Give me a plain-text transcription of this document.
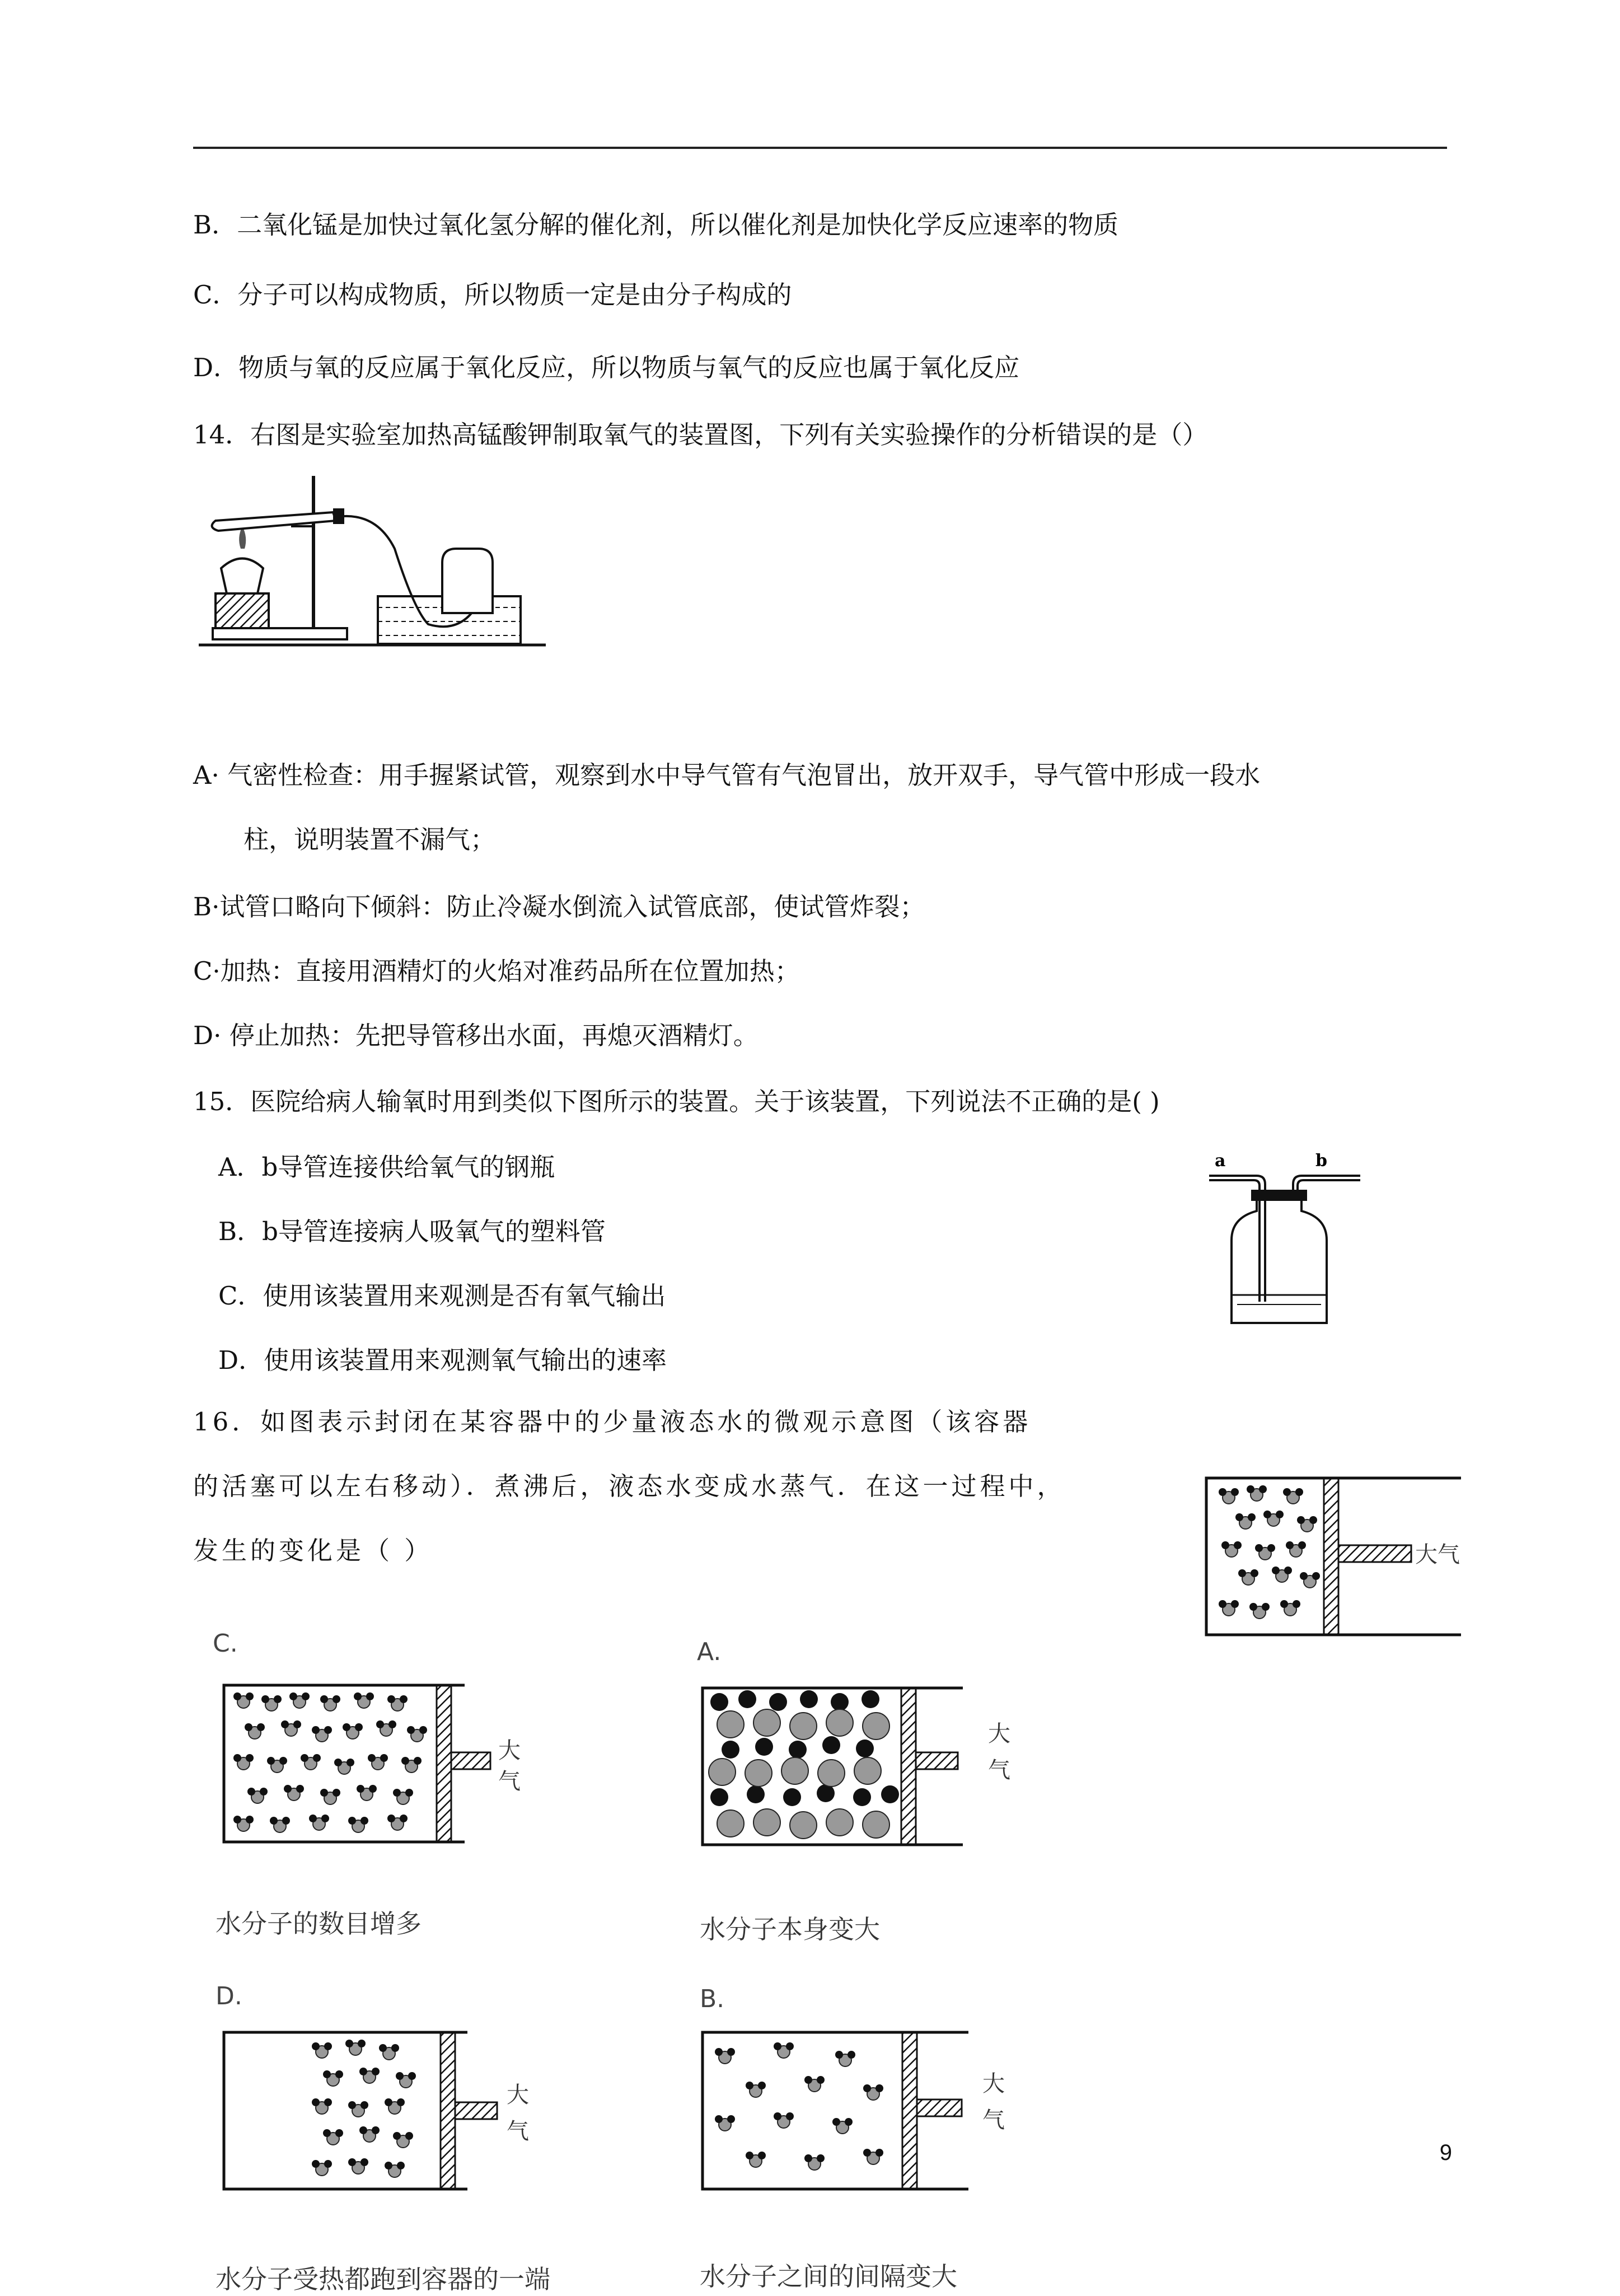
B．二氧化锰是加快过氧化氢分解的催化剂，所以催化剂是加快化学反应速率的物质
C．分子可以构成物质，所以物质一定是由分子构成的
D．物质与氧的反应属于氧化反应，所以物质与氧气的反应也属于氧化反应
14．右图是实验室加热高锰酸钾制取氧气的装置图，下列有关实验操作的分析错误的是（）
A· 气密性检查：用手握紧试管，观察到水中导气管有气泡冒出，放开双手，导气管中形成一段水
柱，说明装置不漏气；
B·试管口略向下倾斜：防止冷凝水倒流入试管底部，使试管炸裂；
C·加热：直接用酒精灯的火焰对准药品所在位置加热；
D· 停止加热：先把导管移出水面，再熄灭酒精灯。
15．医院给病人输氧时用到类似下图所示的装置。关于该装置，下列说法不正确的是( )
A．b导管连接供给氧气的钢瓶
B．b导管连接病人吸氧气的塑料管
C．使用该装置用来观测是否有氧气输出
D．使用该装置用来观测氧气输出的速率
a	b
16．如图表示封闭在某容器中的少量液态水的微观示意图（该容器
的活塞可以左右移动）．煮沸后，液态水变成水蒸气．在这一过程中，
发生的变化是（ ）	大气
C.
大
气
水分子的数目增多
A.
大
气
水分子本身变大
D.
大
气
B.
大
气
9
水分子受热都跑到容器的一端	水分子之间的间隔变大
